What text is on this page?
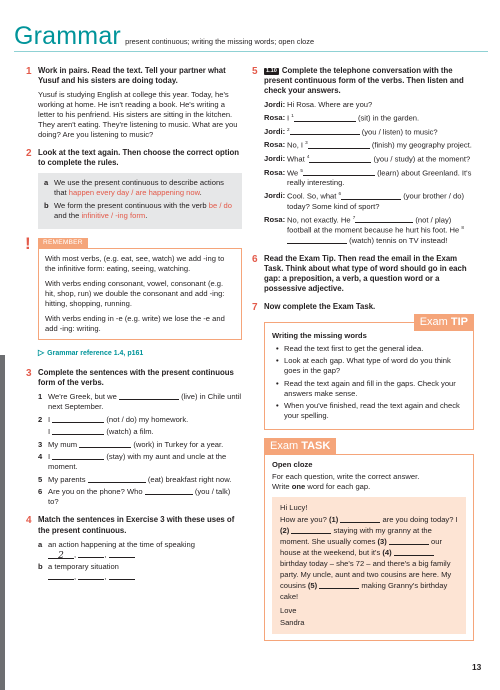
Grammar present continuous; writing the missing words; open cloze
1 Work in pairs. Read the text. Tell your partner what Yusuf and his sisters are doing today.

Yusuf is studying English at college this year. Today, he's working at home. He isn't reading a book. He's writing a letter to his penfriend. His sisters are sitting in the kitchen. They aren't eating. They're listening to music. What are you doing? Are you listening to music?

2 Look at the text again. Then choose the correct option to complete the rules.
a We use the present continuous to describe actions that happen every day / are happening now.
b We form the present continuous with the verb be / do and the infinitive / -ing form.
! REMEMBER

With most verbs, (e.g. eat, see, watch) we add -ing to the infinitive form: eating, seeing, watching.

With verbs ending consonant, vowel, consonant (e.g. hit, shop, run) we double the consonant and add -ing: hitting, shopping, running.

With verbs ending in -e (e.g. write) we lose the -e and add -ing: writing.

▷ Grammar reference 1.4, p161
3 Complete the sentences with the present continuous form of the verbs.
1 We're Greek, but we	(live) in Chile until next September.
2 I	(not / do) my homework.
I	(watch) a film.
3 My mum	(work) in Turkey for a year.
4 I	(stay) with my aunt and uncle at the moment.
5 My parents	(eat) breakfast right now.
6 Are you on the phone? Who	(you / talk) to?
4 Match the sentences in Exercise 3 with these uses of the present continuous.
a an action happening at the time of speaking
2 ,	,
b a temporary situation
,	,
5	1.10 Complete the telephone conversation with the present continuous form of the verbs. Then listen and check your answers.
Jordi: Hi Rosa. Where are you?
Rosa: I $^1$	(sit) in the garden.
Jordi: $^2$	(you / listen) to music?
Rosa: No, I $^3$	(finish) my geography project.
Jordi: What $^4$	(you / study) at the moment?
Rosa: We $^5$	(learn) about Greenland. It's really interesting.
Jordi: Cool. So, what $^6$	(your brother / do) today? Some kind of sport?
Rosa: No, not exactly. He $^7$	(not / play) football at the moment because he hurt his foot. He $^8$ (watch) tennis on TV instead!
6 Read the Exam Tip. Then read the email in the Exam Task. Think about what type of word should go in each gap: a preposition, a verb, a question word or a possessive adjective.
7 Now complete the Exam Task.
Exam TIP
Writing the missing words
• Read the text first to get the general idea.
• Look at each gap. What type of word do you think goes in the gap?
• Read the text again and fill in the gaps. Check your answers make sense.
• When you've finished, read the text again and check your spelling.
Exam TASK
Open cloze
For each question, write the correct answer.
Write one word for each gap.

Hi Lucy!

How are you? (1)	are you doing today? I (2)	staying with my granny at the moment. She usually comes (3)	our house at the weekend, but it's (4)  birthday today – she's 72 – and there's a big family party. My uncle, aunt and two cousins are here. My cousins (5)	making Granny's birthday cake!

Love

Sandra

13
